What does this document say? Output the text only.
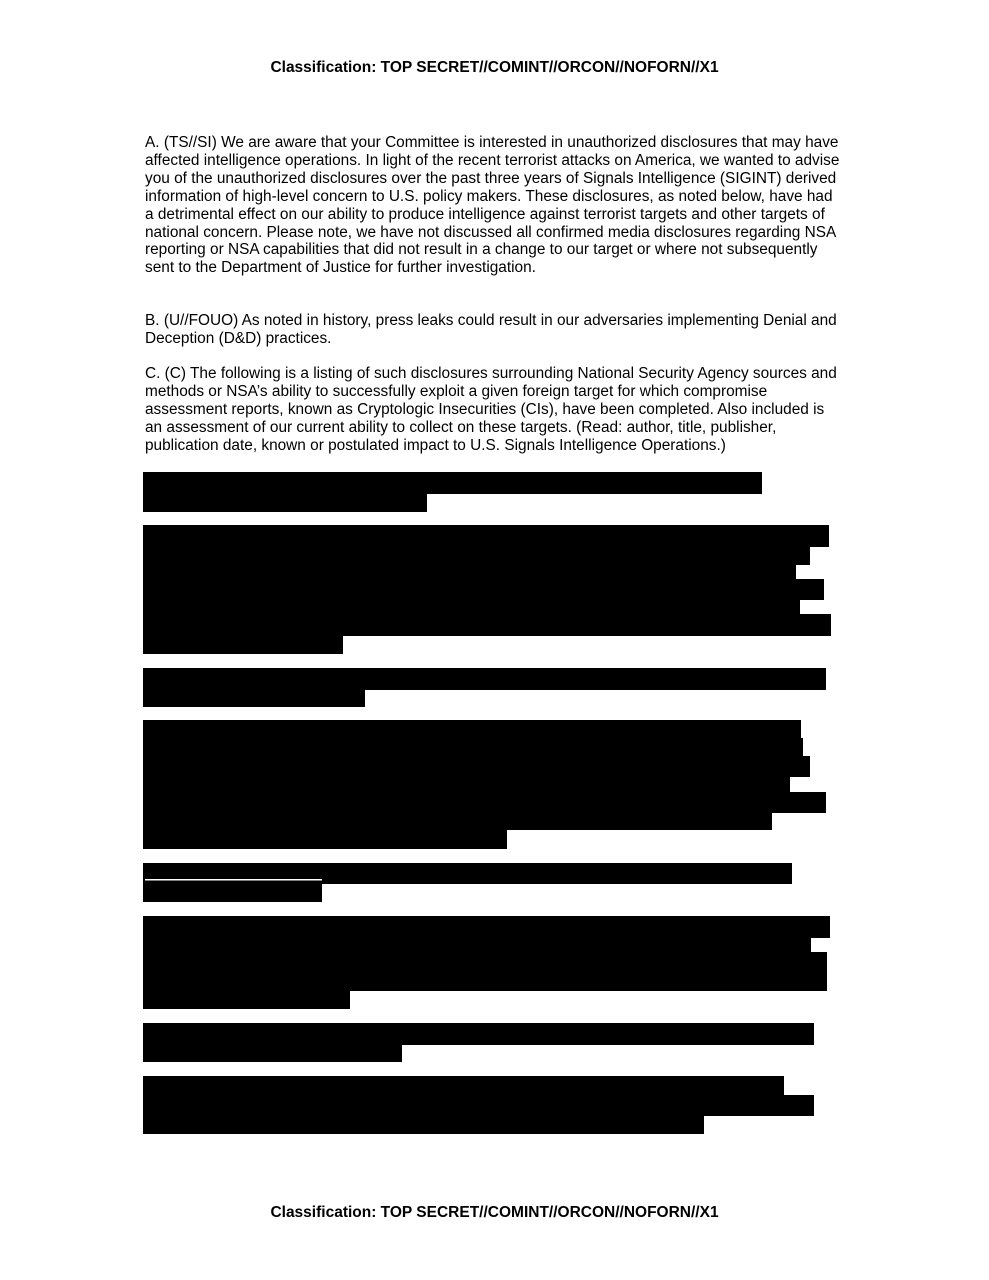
Classification: TOP SECRET//COMINT//ORCON//NOFORN//X1

A. (TS//SI) We are aware that your Committee is interested in unauthorized disclosures that may have affected intelligence operations. In light of the recent terrorist attacks on America, we wanted to advise you of the unauthorized disclosures over the past three years of Signals Intelligence (SIGINT) derived information of high-level concern to U.S. policy makers. These disclosures, as noted below, have had a detrimental effect on our ability to produce intelligence against terrorist targets and other targets of national concern. Please note, we have not discussed all confirmed media disclosures regarding NSA reporting or NSA capabilities that did not result in a change to our target or where not subsequently sent to the Department of Justice for further investigation.

B. (U//FOUO) As noted in history, press leaks could result in our adversaries implementing Denial and Deception (D&D) practices.

C. (C) The following is a listing of such disclosures surrounding National Security Agency sources and methods or NSA’s ability to successfully exploit a given foreign target for which compromise assessment reports, known as Cryptologic Insecurities (CIs), have been completed. Also included is an assessment of our current ability to collect on these targets. (Read: author, title, publisher, publication date, known or postulated impact to U.S. Signals Intelligence Operations.)

Classification: TOP SECRET//COMINT//ORCON//NOFORN//X1
